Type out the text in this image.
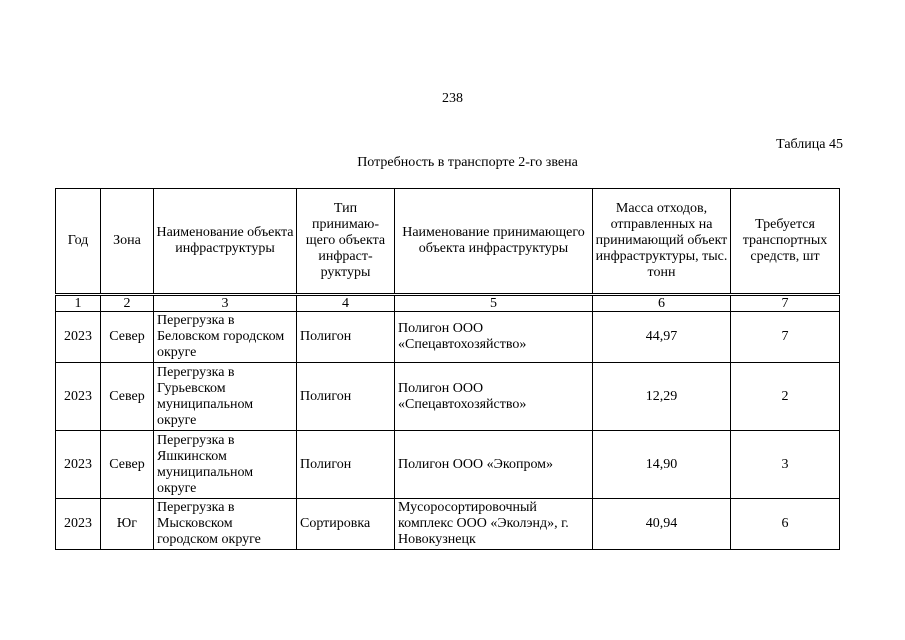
238
Таблица 45
Потребность в транспорте 2-го звена
Год	Зона	Наименование объекта инфраструктуры	Тип принимаю-щего объекта инфраст-руктуры	Наименование принимающего объекта инфраструктуры	Масса отходов, отправленных на принимающий объект инфраструктуры, тыс. тонн	Требуется транспортных средств, шт
1	2	3	4	5	6	7
2023	Север	Перегрузка в Беловском городском округе	Полигон	Полигон ООО «Спецавтохозяйство»	44,97	7
2023	Север	Перегрузка в Гурьевском муниципальном округе	Полигон	Полигон ООО «Спецавтохозяйство»	12,29	2
2023	Север	Перегрузка в Яшкинском муниципальном округе	Полигон	Полигон ООО «Экопром»	14,90	3
2023	Юг	Перегрузка в Мысковском городском округе	Сортировка	Мусоросортировочный комплекс ООО «Эколэнд», г. Новокузнецк	40,94	6
